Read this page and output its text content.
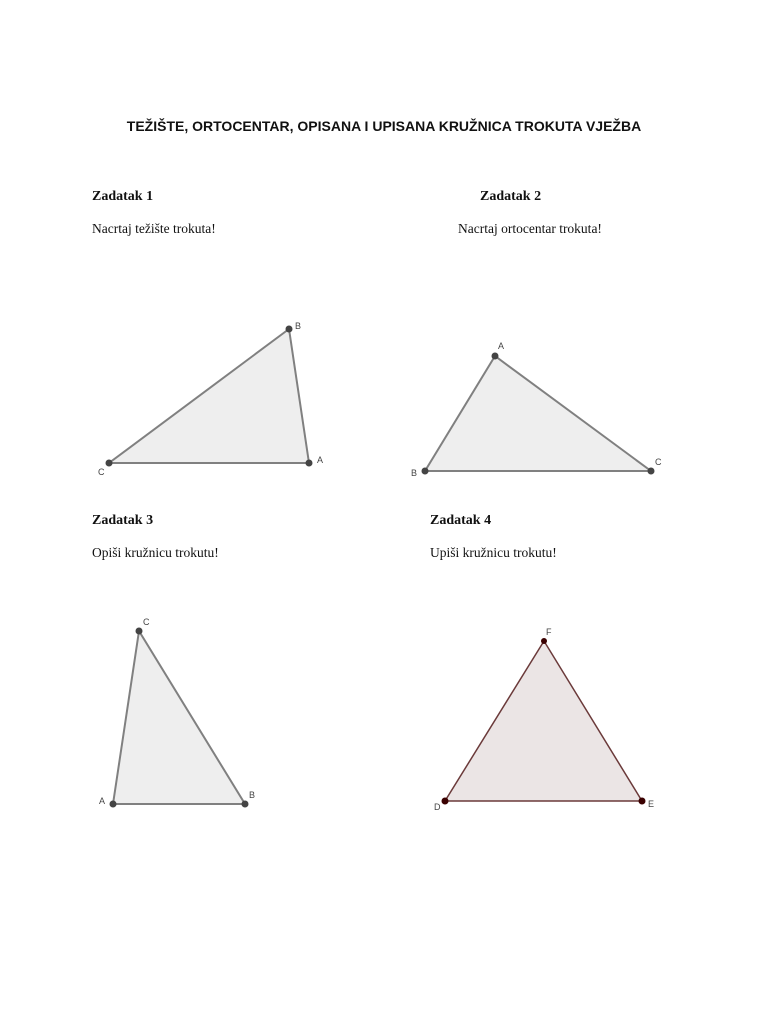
TEŽIŠTE, ORTOCENTAR, OPISANA I UPISANA KRUŽNICA TROKUTA VJEŽBA
Zadatak 1
Nacrtaj težište trokuta!
Zadatak 2
Nacrtaj ortocentar trokuta!
Zadatak 3
Opiši kružnicu trokutu!
Zadatak 4
Upiši kružnicu trokutu!
B
A
C
A
B
C
C
A
B
F
D	E
